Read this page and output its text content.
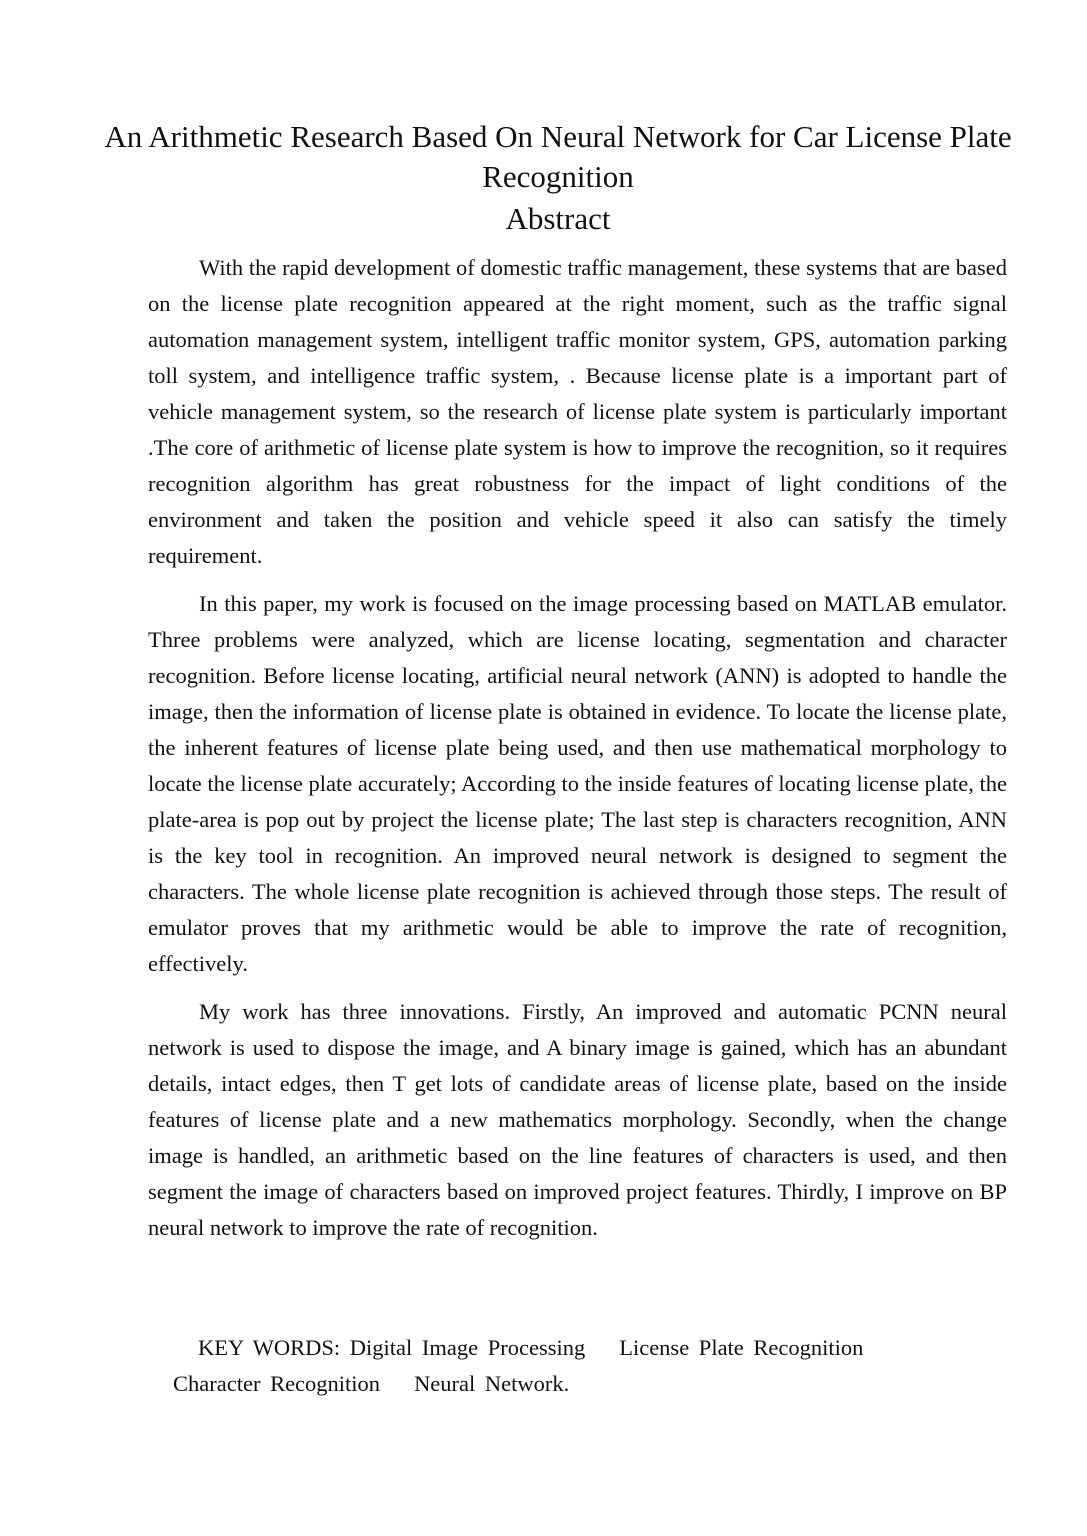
An Arithmetic Research Based On Neural Network for Car License Plate Recognition
Abstract

With the rapid development of domestic traffic management, these systems that are based on the license plate recognition appeared at the right moment, such as the traffic signal automation management system, intelligent traffic monitor system, GPS, automation parking toll system, and intelligence traffic system, . Because license plate is a important part of vehicle management system, so the research of license plate system is particularly important .The core of arithmetic of license plate system is how to improve the recognition, so it requires recognition algorithm has great robustness for the impact of light conditions of the environment and taken the position and vehicle speed it also can satisfy the timely requirement.

In this paper, my work is focused on the image processing based on MATLAB emulator. Three problems were analyzed, which are license locating, segmentation and character recognition. Before license locating, artificial neural network (ANN) is adopted to handle the image, then the information of license plate is obtained in evidence. To locate the license plate, the inherent features of license plate being used, and then use mathematical morphology to locate the license plate accurately; According to the inside features of locating license plate, the plate-area is pop out by project the license plate; The last step is characters recognition, ANN is the key tool in recognition. An improved neural network is designed to segment the characters. The whole license plate recognition is achieved through those steps. The result of emulator proves that my arithmetic would be able to improve the rate of recognition, effectively.

My work has three innovations. Firstly, An improved and automatic PCNN neural network is used to dispose the image, and A binary image is gained, which has an abundant details, intact edges, then T get lots of candidate areas of license plate, based on the inside features of license plate and a new mathematics morphology. Secondly, when the change image is handled, an arithmetic based on the line features of characters is used, and then segment the image of characters based on improved project features. Thirdly, I improve on BP neural network to improve the rate of recognition.

KEY WORDS: Digital Image Processing License Plate Recognition
Character Recognition Neural Network.
